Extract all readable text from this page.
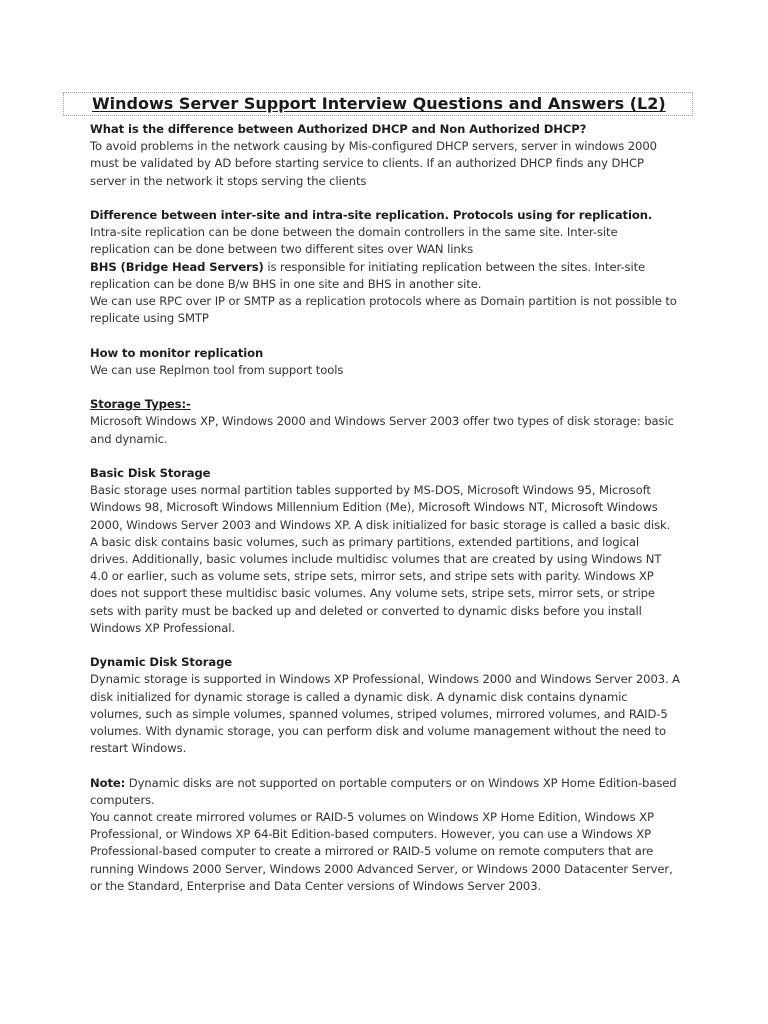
Windows Server Support Interview Questions and Answers (L2)

What is the difference between Authorized DHCP and Non Authorized DHCP?

To avoid problems in the network causing by Mis-configured DHCP servers, server in windows 2000 must be validated by AD before starting service to clients. If an authorized DHCP finds any DHCP server in the network it stops serving the clients

Difference between inter-site and intra-site replication. Protocols using for replication.

Intra-site replication can be done between the domain controllers in the same site. Inter-site replication can be done between two different sites over WAN links

BHS (Bridge Head Servers) is responsible for initiating replication between the sites. Inter-site replication can be done B/w BHS in one site and BHS in another site.

We can use RPC over IP or SMTP as a replication protocols where as Domain partition is not possible to replicate using SMTP

How to monitor replication

We can use Replmon tool from support tools

Storage Types:-

Microsoft Windows XP, Windows 2000 and Windows Server 2003 offer two types of disk storage: basic and dynamic.

Basic Disk Storage

Basic storage uses normal partition tables supported by MS-DOS, Microsoft Windows 95, Microsoft Windows 98, Microsoft Windows Millennium Edition (Me), Microsoft Windows NT, Microsoft Windows 2000, Windows Server 2003 and Windows XP. A disk initialized for basic storage is called a basic disk. A basic disk contains basic volumes, such as primary partitions, extended partitions, and logical drives. Additionally, basic volumes include multidisc volumes that are created by using Windows NT 4.0 or earlier, such as volume sets, stripe sets, mirror sets, and stripe sets with parity. Windows XP does not support these multidisc basic volumes. Any volume sets, stripe sets, mirror sets, or stripe sets with parity must be backed up and deleted or converted to dynamic disks before you install Windows XP Professional.

Dynamic Disk Storage

Dynamic storage is supported in Windows XP Professional, Windows 2000 and Windows Server 2003. A disk initialized for dynamic storage is called a dynamic disk. A dynamic disk contains dynamic volumes, such as simple volumes, spanned volumes, striped volumes, mirrored volumes, and RAID-5 volumes. With dynamic storage, you can perform disk and volume management without the need to restart Windows.

Note: Dynamic disks are not supported on portable computers or on Windows XP Home Edition-based computers.

You cannot create mirrored volumes or RAID-5 volumes on Windows XP Home Edition, Windows XP Professional, or Windows XP 64-Bit Edition-based computers. However, you can use a Windows XP Professional-based computer to create a mirrored or RAID-5 volume on remote computers that are running Windows 2000 Server, Windows 2000 Advanced Server, or Windows 2000 Datacenter Server, or the Standard, Enterprise and Data Center versions of Windows Server 2003.
